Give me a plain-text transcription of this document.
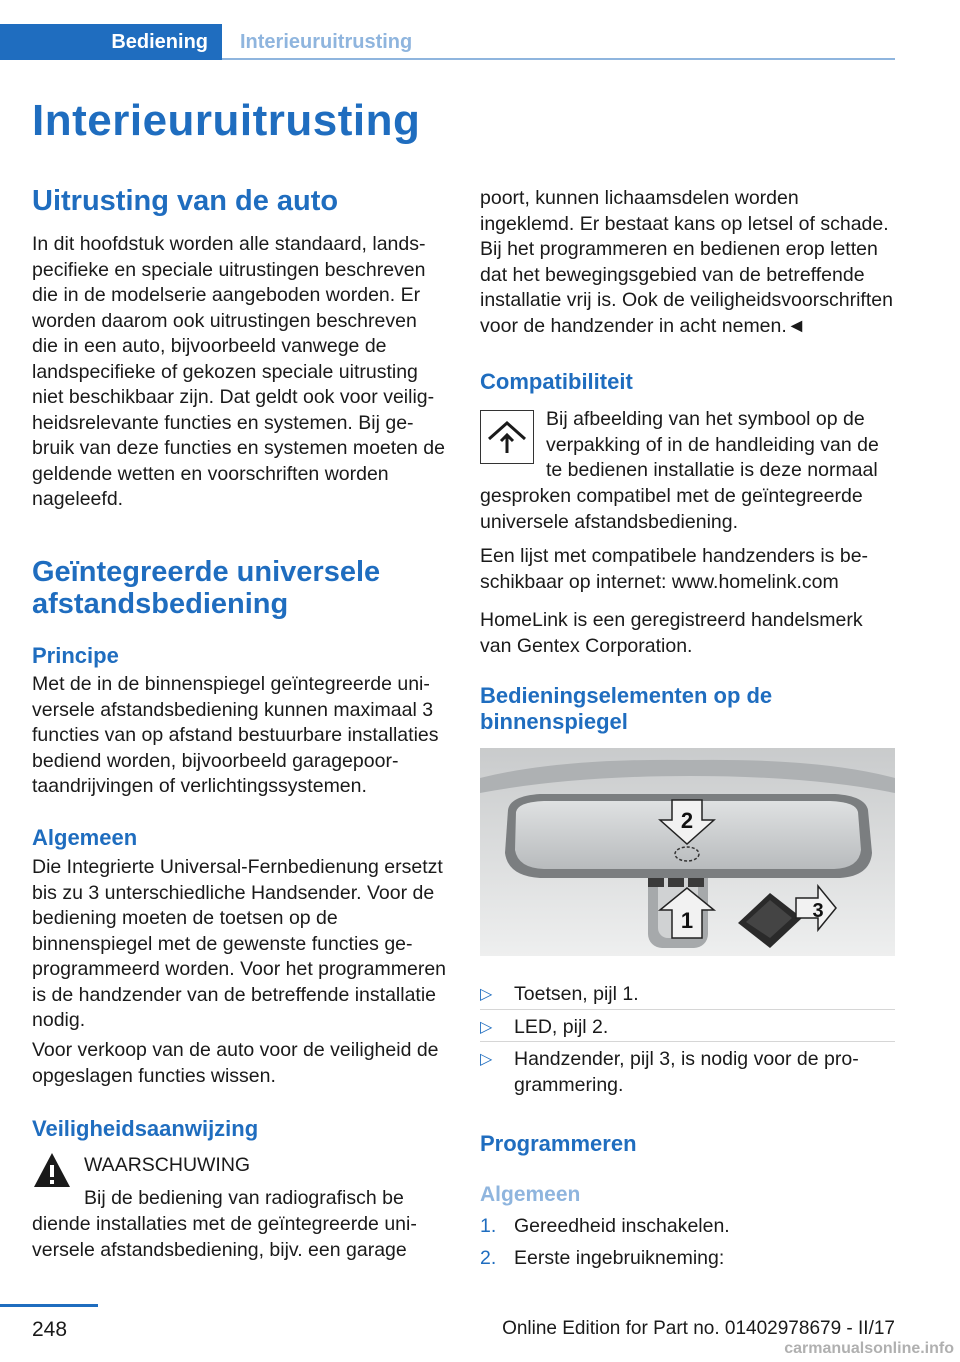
Bediening	Interieuruitrusting
Interieuruitrusting
Uitrusting van de auto

In dit hoofdstuk worden alle standaard, landspecifieke en speciale uitrustingen beschreven die in de modelserie aangeboden worden. Er worden daarom ook uitrustingen beschreven die in een auto, bijvoorbeeld vanwege de landspecifieke of gekozen speciale uitrusting niet beschikbaar zijn. Dat geldt ook voor veiligheidsrelevante functies en systemen. Bij gebruik van deze functies en systemen moeten de geldende wetten en voorschriften worden nageleefd.

Geïntegreerde universele afstandsbediening
Principe

Met de in de binnenspiegel geïntegreerde universele afstandsbediening kunnen maximaal 3 functies van op afstand bestuurbare installaties bediend worden, bijvoorbeeld garagepoortaandrijvingen of verlichtingssystemen.

Algemeen

Die Integrierte Universal-Fernbedienung ersetzt bis zu 3 unterschiedliche Handsender. Voor de bediening moeten de toetsen op de binnenspiegel met de gewenste functies geprogrammeerd worden. Voor het programmeren is de handzender van de betreffende installatie nodig.

Voor verkoop van de auto voor de veiligheid de opgeslagen functies wissen.

Veiligheidsaanwijzing

WAARSCHUWING

Bij de bediening van radiografisch be

diende installaties met de geïntegreerde universele afstandsbediening, bijv. een garage

poort, kunnen lichaamsdelen worden ingeklemd. Er bestaat kans op letsel of schade. Bij het programmeren en bedienen erop letten dat het bewegingsgebied van de betreffende installatie vrij is. Ook de veiligheidsvoorschriften voor de handzender in acht nemen.◄

Compatibiliteit

Bij afbeelding van het symbool op de verpakking of in de handleiding van de te bedienen installatie is deze normaal

gesproken compatibel met de geïntegreerde universele afstandsbediening.

Een lijst met compatibele handzenders is beschikbaar op internet: www.homelink.com

HomeLink is een geregistreerd handelsmerk van Gentex Corporation.

Bedieningselementen op de binnenspiegel
▷ Toetsen, pijl 1.
▷ LED, pijl 2.
▷ Handzender, pijl 3, is nodig voor de programmering.
Programmeren
Algemeen
1. Gereedheid inschakelen.
2. Eerste ingebruikneming:
2
1	3
248	Online Edition for Part no. 01402978679 - II/17
carmanualsonline.info
